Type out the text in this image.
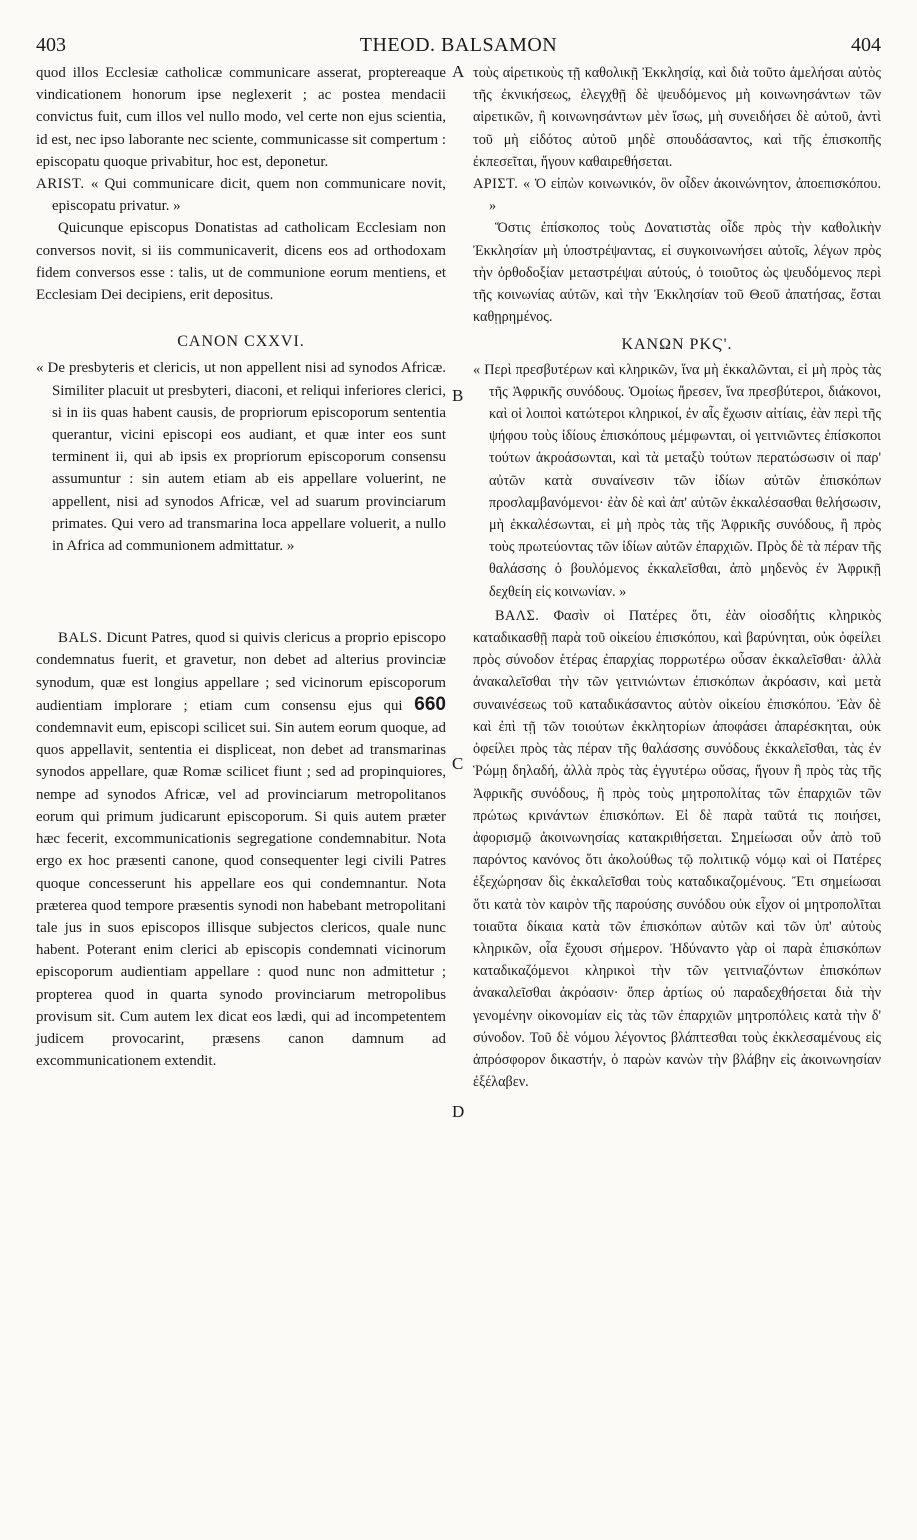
403	THEOD. BALSAMON	404
A
B
C
D

quod illos Ecclesiæ catholicæ communicare asserat, proptereaque vindicationem honorum ipse neglexerit ; ac postea mendacii convictus fuit, cum illos vel nullo modo, vel certe non ejus scientia, id est, nec ipso laborante nec sciente, communicasse sit compertum : episcopatu quoque privabitur, hoc est, deponetur.

ARIST. « Qui communicare dicit, quem non communicare novit, episcopatu privatur. »

Quicunque episcopus Donatistas ad catholicam Ecclesiam non conversos novit, si iis communicaverit, dicens eos ad orthodoxam fidem conversos esse : talis, ut de communione eorum mentiens, et Ecclesiam Dei decipiens, erit depositus.

CANON CXXVI.

« De presbyteris et clericis, ut non appellent nisi ad synodos Africæ. Similiter placuit ut presbyteri, diaconi, et reliqui inferiores clerici, si in iis quas habent causis, de propriorum episcoporum sententia querantur, vicini episcopi eos audiant, et quæ inter eos sunt terminent ii, qui ab ipsis ex propriorum episcoporum consensu assumuntur : sin autem etiam ab eis appellare voluerint, ne appellent, nisi ad synodos Africæ, vel ad suarum provinciarum primates. Qui vero ad transmarina loca appellare voluerit, a nullo in Africa ad communionem admittatur. »

BALS. Dicunt Patres, quod si quivis clericus a proprio episcopo condemnatus fuerit, et gravetur, non debet ad alterius provinciæ synodum, quæ est longius appellare ; sed vicinorum episcoporum audientiam implorare ; etiam cum consensu ejus qui 660 condemnavit eum, episcopi scilicet sui. Sin autem eorum quoque, ad quos appellavit, sententia ei displiceat, non debet ad transmarinas synodos appellare, quæ Romæ scilicet fiunt ; sed ad propinquiores, nempe ad synodos Africæ, vel ad provinciarum metropolitanos eorum qui primum judicarunt episcoporum. Si quis autem præter hæc fecerit, excommunicationis segregatione condemnabitur. Nota ergo ex hoc præsenti canone, quod consequenter legi civili Patres quoque concesserunt his appellare eos qui condemnantur. Nota præterea quod tempore præsentis synodi non habebant metropolitani tale jus in suos episcopos illisque subjectos clericos, quale nunc habent. Poterant enim clerici ab episcopis condemnati vicinorum episcoporum audientiam appellare : quod nunc non admittetur ; propterea quod in quarta synodo provinciarum metropolibus provisum sit. Cum autem lex dicat eos lædi, qui ad incompetentem judicem provocarint, præsens canon damnum ad excommunicationem extendit.

τοὺς αἱρετικοὺς τῇ καθολικῇ Ἐκκλησίᾳ, καὶ διὰ τοῦτο ἀμελήσαι αὐτὸς τῆς ἐκνικήσεως, ἐλεγχθῇ δὲ ψευδόμενος μὴ κοινωνησάντων τῶν αἱρετικῶν, ἢ κοινωνησάντων μὲν ἴσως, μὴ συνειδήσει δὲ αὐτοῦ, ἀντὶ τοῦ μὴ εἰδότος αὐτοῦ μηδὲ σπουδάσαντος, καὶ τῆς ἐπισκοπῆς ἐκπεσεῖται, ἤγουν καθαιρεθήσεται.

ΑΡΙΣΤ. « Ὁ εἰπὼν κοινωνικόν, ὃν οἶδεν ἀκοινώνητον, ἀποεπισκόπου. »

Ὅστις ἐπίσκοπος τοὺς Δονατιστὰς οἶδε πρὸς τὴν καθολικὴν Ἐκκλησίαν μὴ ὑποστρέψαντας, εἰ συγκοινωνήσει αὐτοῖς, λέγων πρὸς τὴν ὀρθοδοξίαν μεταστρέψαι αὐτούς, ὁ τοιοῦτος ὡς ψευδόμενος περὶ τῆς κοινωνίας αὐτῶν, καὶ τὴν Ἐκκλησίαν τοῦ Θεοῦ ἀπατήσας, ἔσται καθῃρημένος.

ΚΑΝΩΝ ΡΚϚ'.

« Περὶ πρεσβυτέρων καὶ κληρικῶν, ἵνα μὴ ἐκκαλῶνται, εἰ μὴ πρὸς τὰς τῆς Ἀφρικῆς συνόδους. Ὁμοίως ἤρεσεν, ἵνα πρεσβύτεροι, διάκονοι, καὶ οἱ λοιποὶ κατώτεροι κληρικοί, ἐν αἷς ἔχωσιν αἰτίαις, ἐὰν περὶ τῆς ψήφου τοὺς ἰδίους ἐπισκόπους μέμφωνται, οἱ γειτνιῶντες ἐπίσκοποι τούτων ἀκροάσωνται, καὶ τὰ μεταξὺ τούτων περατώσωσιν οἱ παρ' αὐτῶν κατὰ συναίνεσιν τῶν ἰδίων αὐτῶν ἐπισκόπων προσλαμβανόμενοι· ἐὰν δὲ καὶ ἀπ' αὐτῶν ἐκκαλέσασθαι θελήσωσιν, μὴ ἐκκαλέσωνται, εἰ μὴ πρὸς τὰς τῆς Ἀφρικῆς συνόδους, ἢ πρὸς τοὺς πρωτεύοντας τῶν ἰδίων αὐτῶν ἐπαρχιῶν. Πρὸς δὲ τὰ πέραν τῆς θαλάσσης ὁ βουλόμενος ἐκκαλεῖσθαι, ἀπὸ μηδενὸς ἐν Ἀφρικῇ δεχθείη εἰς κοινωνίαν. »

ΒΑΛΣ. Φασὶν οἱ Πατέρες ὅτι, ἐὰν οἱοσδήτις κληρικὸς καταδικασθῇ παρὰ τοῦ οἰκείου ἐπισκόπου, καὶ βαρύνηται, οὐκ ὀφείλει πρὸς σύνοδον ἑτέρας ἐπαρχίας πορρωτέρω οὖσαν ἐκκαλεῖσθαι· ἀλλὰ ἀνακαλεῖσθαι τὴν τῶν γειτνιώντων ἐπισκόπων ἀκρόασιν, καὶ μετὰ συναινέσεως τοῦ καταδικάσαντος αὐτὸν οἰκείου ἐπισκόπου. Ἐὰν δὲ καὶ ἐπὶ τῇ τῶν τοιούτων ἐκκλητορίων ἀποφάσει ἀπαρέσκηται, οὐκ ὀφείλει πρὸς τὰς πέραν τῆς θαλάσσης συνόδους ἐκκαλεῖσθαι, τὰς ἐν Ῥώμῃ δηλαδή, ἀλλὰ πρὸς τὰς ἐγγυτέρω οὔσας, ἤγουν ἢ πρὸς τὰς τῆς Ἀφρικῆς συνόδους, ἢ πρὸς τοὺς μητροπολίτας τῶν ἐπαρχιῶν τῶν πρώτως κρινάντων ἐπισκόπων. Εἰ δὲ παρὰ ταῦτά τις ποιήσει, ἀφορισμῷ ἀκοινωνησίας κατακριθήσεται. Σημείωσαι οὖν ἀπὸ τοῦ παρόντος κανόνος ὅτι ἀκολούθως τῷ πολιτικῷ νόμῳ καὶ οἱ Πατέρες ἐξεχώρησαν δὶς ἐκκαλεῖσθαι τοὺς καταδικαζομένους. Ἔτι σημείωσαι ὅτι κατὰ τὸν καιρὸν τῆς παρούσης συνόδου οὐκ εἶχον οἱ μητροπολῖται τοιαῦτα δίκαια κατὰ τῶν ἐπισκόπων αὐτῶν καὶ τῶν ὑπ' αὐτοὺς κληρικῶν, οἷα ἔχουσι σήμερον. Ἠδύναντο γὰρ οἱ παρὰ ἐπισκόπων καταδικαζόμενοι κληρικοὶ τὴν τῶν γειτνιαζόντων ἐπισκόπων ἀνακαλεῖσθαι ἀκρόασιν· ὅπερ ἀρτίως οὐ παραδεχθήσεται διὰ τὴν γενομένην οἰκονομίαν εἰς τὰς τῶν ἐπαρχιῶν μητροπόλεις κατὰ τὴν δ' σύνοδον. Τοῦ δὲ νόμου λέγοντος βλάπτεσθαι τοὺς ἐκκλεσαμένους εἰς ἀπρόσφορον δικαστήν, ὁ παρὼν κανὼν τὴν βλάβην εἰς ἀκοινωνησίαν ἐξέλαβεν.
